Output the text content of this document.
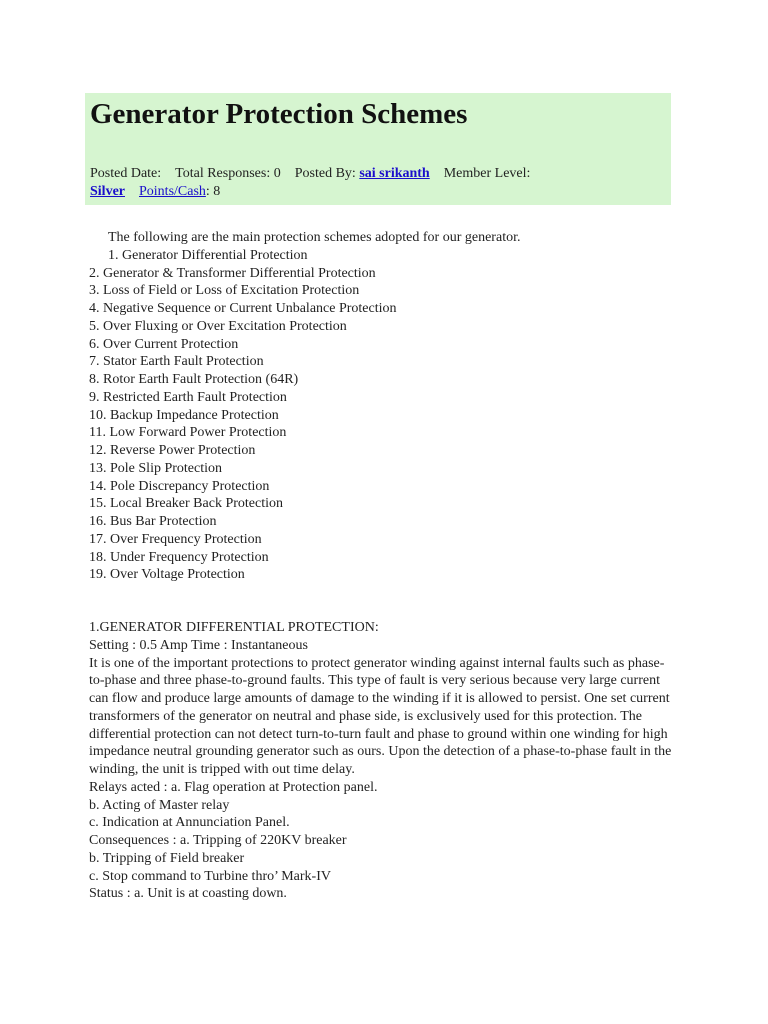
Generator Protection Schemes
Posted Date: Total Responses: 0 Posted By: sai srikanth Member Level:
Silver Points/Cash: 8
The following are the main protection schemes adopted for our generator.
1. Generator Differential Protection
2. Generator & Transformer Differential Protection
3. Loss of Field or Loss of Excitation Protection
4. Negative Sequence or Current Unbalance Protection
5. Over Fluxing or Over Excitation Protection
6. Over Current Protection
7. Stator Earth Fault Protection
8. Rotor Earth Fault Protection (64R)
9. Restricted Earth Fault Protection
10. Backup Impedance Protection
11. Low Forward Power Protection
12. Reverse Power Protection
13. Pole Slip Protection
14. Pole Discrepancy Protection
15. Local Breaker Back Protection
16. Bus Bar Protection
17. Over Frequency Protection
18. Under Frequency Protection
19. Over Voltage Protection
1.GENERATOR DIFFERENTIAL PROTECTION:
Setting : 0.5 Amp Time : Instantaneous
It is one of the important protections to protect generator winding against internal faults such as phase-to-phase and three phase-to-ground faults. This type of fault is very serious because very large current can flow and produce large amounts of damage to the winding if it is allowed to persist. One set current transformers of the generator on neutral and phase side, is exclusively used for this protection. The differential protection can not detect turn-to-turn fault and phase to ground within one winding for high impedance neutral grounding generator such as ours. Upon the detection of a phase-to-phase fault in the winding, the unit is tripped with out time delay.
Relays acted : a. Flag operation at Protection panel.
b. Acting of Master relay
c. Indication at Annunciation Panel.
Consequences : a. Tripping of 220KV breaker
b. Tripping of Field breaker
c. Stop command to Turbine thro’ Mark-IV
Status : a. Unit is at coasting down.
